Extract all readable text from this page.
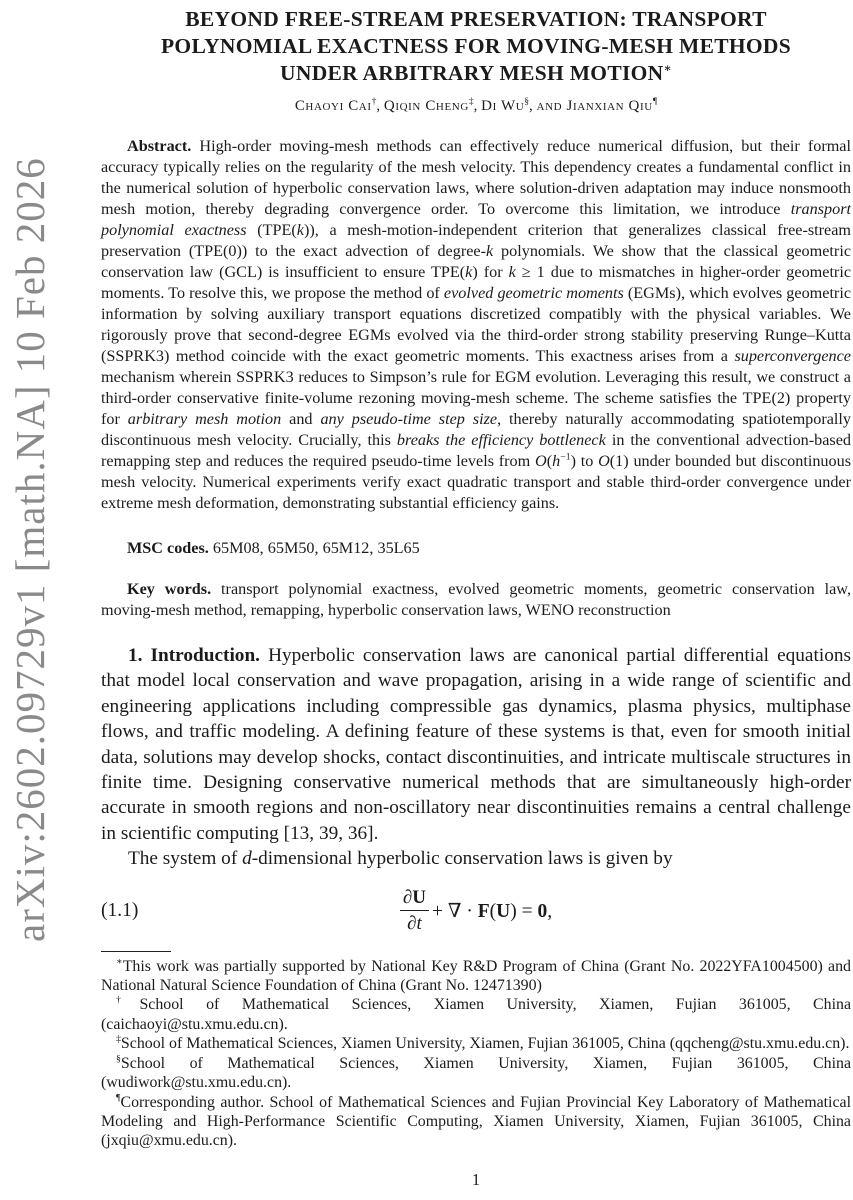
arXiv:2602.09729v1 [math.NA] 10 Feb 2026
BEYOND FREE-STREAM PRESERVATION: TRANSPORT
POLYNOMIAL EXACTNESS FOR MOVING-MESH METHODS
UNDER ARBITRARY MESH MOTION∗
Chaoyi Cai†, Qiqin Cheng‡, Di Wu§, and Jianxian Qiu¶

Abstract. High-order moving-mesh methods can effectively reduce numerical diffusion, but their formal accuracy typically relies on the regularity of the mesh velocity. This dependency creates a fundamental conflict in the numerical solution of hyperbolic conservation laws, where solution-driven adaptation may induce nonsmooth mesh motion, thereby degrading convergence order. To overcome this limitation, we introduce transport polynomial exactness (TPE(k)), a mesh-motion-independent criterion that generalizes classical free-stream preservation (TPE(0)) to the exact advection of degree-k polynomials. We show that the classical geometric conservation law (GCL) is insufficient to ensure TPE(k) for k ≥ 1 due to mismatches in higher-order geometric moments. To resolve this, we propose the method of evolved geometric moments (EGMs), which evolves geometric information by solving auxiliary transport equations discretized compatibly with the physical variables. We rigorously prove that second-degree EGMs evolved via the third-order strong stability preserving Runge–Kutta (SSPRK3) method coincide with the exact geometric moments. This exactness arises from a superconvergence mechanism wherein SSPRK3 reduces to Simpson’s rule for EGM evolution. Leveraging this result, we construct a third-order conservative finite-volume rezoning moving-mesh scheme. The scheme satisfies the TPE(2) property for arbitrary mesh motion and any pseudo-time step size, thereby naturally accommodating spatiotemporally discontinuous mesh velocity. Crucially, this breaks the efficiency bottleneck in the conventional advection-based remapping step and reduces the required pseudo-time levels from $O(h^{-1})$ to O(1) under bounded but discontinuous mesh velocity. Numerical experiments verify exact quadratic transport and stable third-order convergence under extreme mesh deformation, demonstrating substantial efficiency gains.

MSC codes. 65M08, 65M50, 65M12, 35L65

Key words. transport polynomial exactness, evolved geometric moments, geometric conservation law, moving-mesh method, remapping, hyperbolic conservation laws, WENO reconstruction

1. Introduction. Hyperbolic conservation laws are canonical partial differential equations that model local conservation and wave propagation, arising in a wide range of scientific and engineering applications including compressible gas dynamics, plasma physics, multiphase flows, and traffic modeling. A defining feature of these systems is that, even for smooth initial data, solutions may develop shocks, contact discontinuities, and intricate multiscale structures in finite time. Designing conservative numerical methods that are simultaneously high-order accurate in smooth regions and non-oscillatory near discontinuities remains a central challenge in scientific computing [13, 39, 36].

The system of d-dimensional hyperbolic conservation laws is given by

(1.1)	$\frac{\partial U}{\partial t}$ + ∇ · F(U) = 0,

∗This work was partially supported by National Key R&D Program of China (Grant No. 2022YFA1004500) and National Natural Science Foundation of China (Grant No. 12471390)

†School of Mathematical Sciences, Xiamen University, Xiamen, Fujian 361005, China (caichaoyi@stu.xmu.edu.cn).

‡School of Mathematical Sciences, Xiamen University, Xiamen, Fujian 361005, China (qqcheng@stu.xmu.edu.cn).

§School of Mathematical Sciences, Xiamen University, Xiamen, Fujian 361005, China (wudiwork@stu.xmu.edu.cn).

¶Corresponding author. School of Mathematical Sciences and Fujian Provincial Key Laboratory of Mathematical Modeling and High-Performance Scientific Computing, Xiamen University, Xiamen, Fujian 361005, China (jxqiu@xmu.edu.cn).

1
